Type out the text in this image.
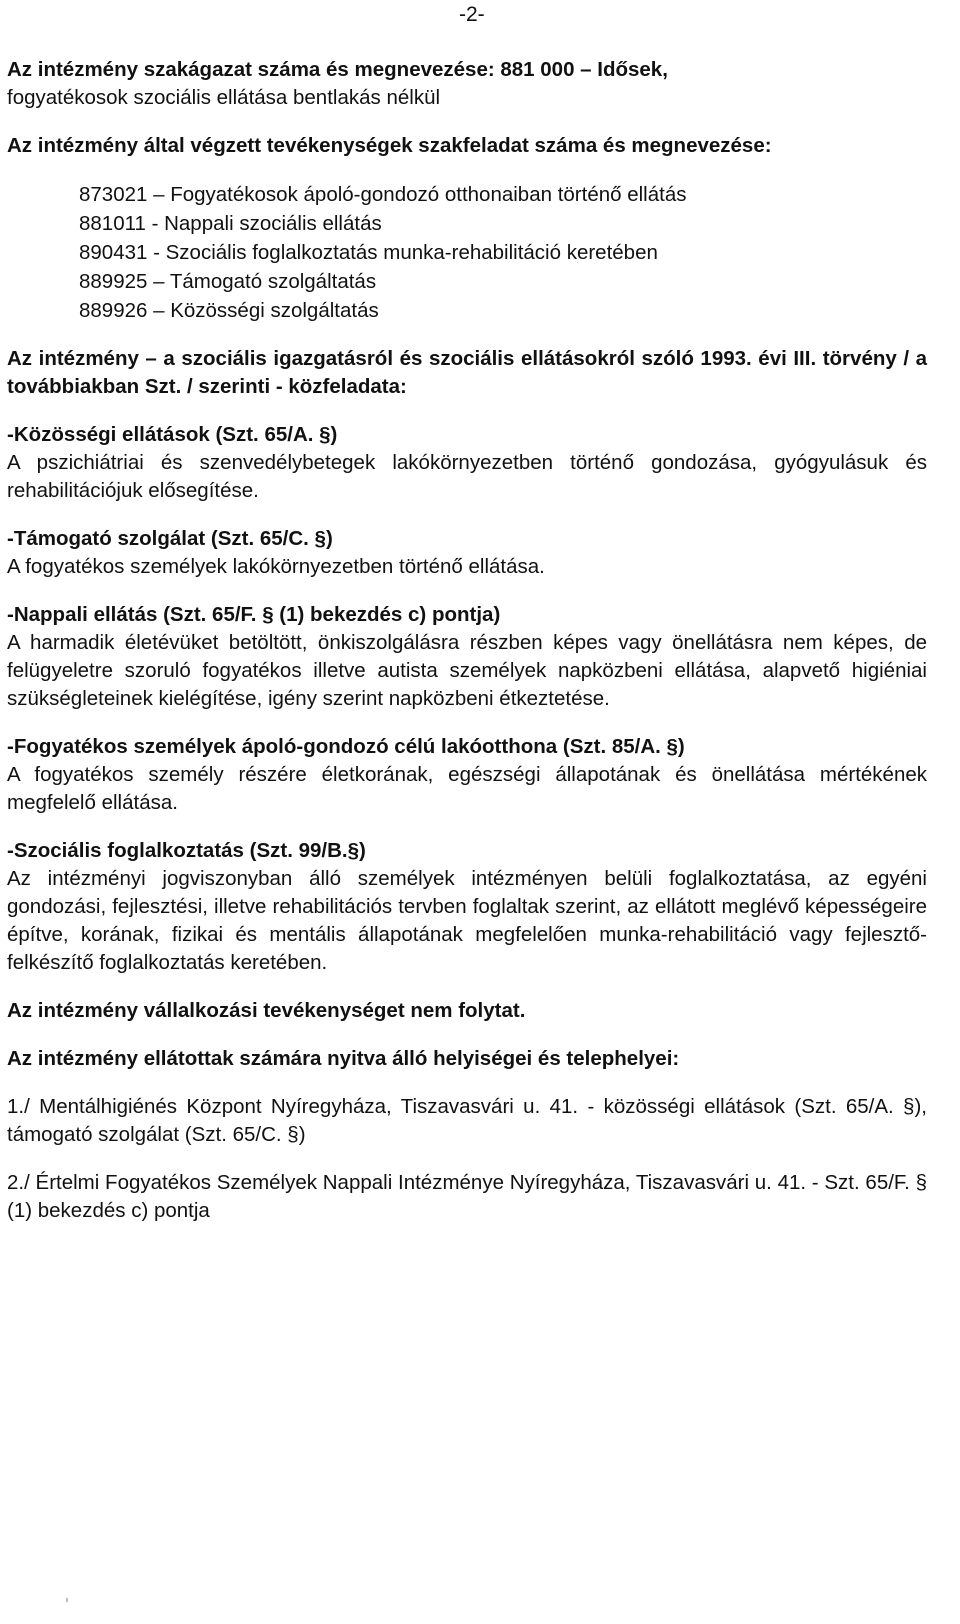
-2-

Az intézmény szakágazat száma és megnevezése: 881 000 – Idősek,

fogyatékosok szociális ellátása bentlakás nélkül

Az intézmény által végzett tevékenységek szakfeladat száma és megnevezése:

873021 – Fogyatékosok ápoló-gondozó otthonaiban történő ellátás
881011 - Nappali szociális ellátás
890431 - Szociális foglalkoztatás munka-rehabilitáció keretében
889925 – Támogató szolgáltatás
889926 – Közösségi szolgáltatás

Az intézmény – a szociális igazgatásról és szociális ellátásokról szóló 1993. évi III. törvény / a továbbiakban Szt. / szerinti - közfeladata:

-Közösségi ellátások (Szt. 65/A. §)

A pszichiátriai és szenvedélybetegek lakókörnyezetben történő gondozása, gyógyulásuk és rehabilitációjuk elősegítése.

-Támogató szolgálat (Szt. 65/C. §)

A fogyatékos személyek lakókörnyezetben történő ellátása.

-Nappali ellátás (Szt. 65/F. § (1) bekezdés c) pontja)

A harmadik életévüket betöltött, önkiszolgálásra részben képes vagy önellátásra nem képes, de felügyeletre szoruló fogyatékos illetve autista személyek napközbeni ellátása, alapvető higiéniai szükségleteinek kielégítése, igény szerint napközbeni étkeztetése.

-Fogyatékos személyek ápoló-gondozó célú lakóotthona (Szt. 85/A. §)

A fogyatékos személy részére életkorának, egészségi állapotának és önellátása mértékének megfelelő ellátása.

-Szociális foglalkoztatás (Szt. 99/B.§)

Az intézményi jogviszonyban álló személyek intézményen belüli foglalkoztatása, az egyéni gondozási, fejlesztési, illetve rehabilitációs tervben foglaltak szerint, az ellátott meglévő képességeire építve, korának, fizikai és mentális állapotának megfelelően munka-rehabilitáció vagy fejlesztő-felkészítő foglalkoztatás keretében.

Az intézmény vállalkozási tevékenységet nem folytat.

Az intézmény ellátottak számára nyitva álló helyiségei és telephelyei:

1./ Mentálhigiénés Központ Nyíregyháza, Tiszavasvári u. 41. - közösségi ellátások (Szt. 65/A. §), támogató szolgálat (Szt. 65/C. §)

2./ Értelmi Fogyatékos Személyek Nappali Intézménye Nyíregyháza, Tiszavasvári u. 41. - Szt. 65/F. § (1) bekezdés c) pontja
